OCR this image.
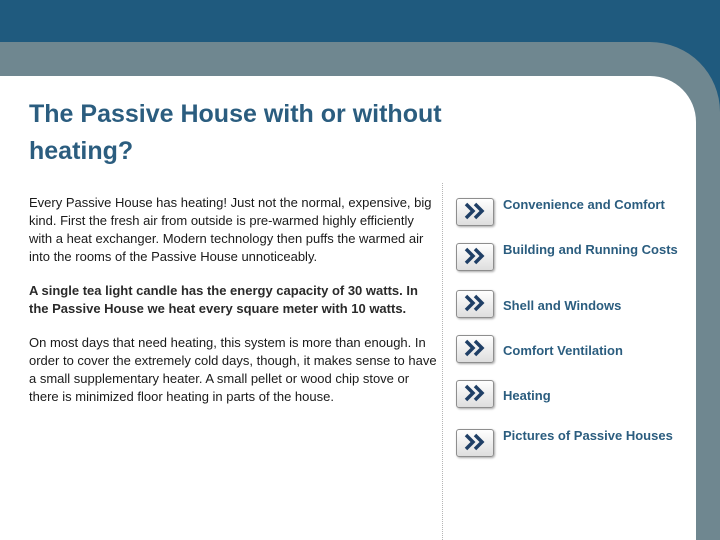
The Passive House with or without heating?

Every Passive House has heating! Just not the normal, expensive, big kind. First the fresh air from outside is pre-warmed highly efficiently with a heat exchanger. Modern technology then puffs the warmed air into the rooms of the Passive House unnoticeably.

A single tea light candle has the energy capacity of 30 watts. In the Passive House we heat every square meter with 10 watts.

On most days that need heating, this system is more than enough. In order to cover the extremely cold days, though, it makes sense to have a small supplementary heater. A small pellet or wood chip stove or there is minimized floor heating in parts of the house.

Convenience and Comfort
Building and Running Costs
Shell and Windows
Comfort Ventilation
Heating
Pictures of Passive Houses
